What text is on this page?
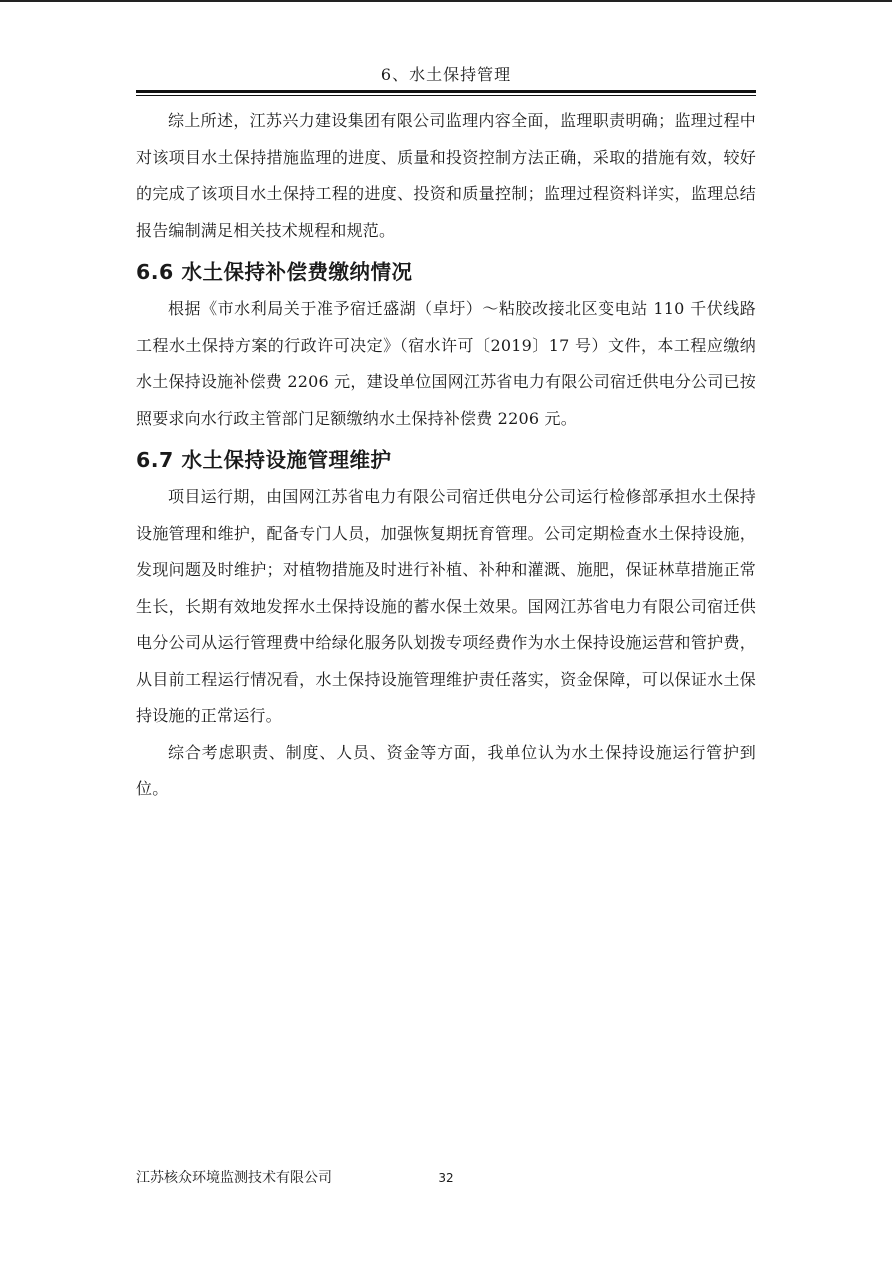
6、水土保持管理

综上所述，江苏兴力建设集团有限公司监理内容全面，监理职责明确；监理过程中对该项目水土保持措施监理的进度、质量和投资控制方法正确，采取的措施有效，较好的完成了该项目水土保持工程的进度、投资和质量控制；监理过程资料详实，监理总结报告编制满足相关技术规程和规范。

6.6 水土保持补偿费缴纳情况

根据《市水利局关于准予宿迁盛湖（卓圩）～粘胶改接北区变电站 110 千伏线路工程水土保持方案的行政许可决定》（宿水许可〔2019〕17 号）文件，本工程应缴纳水土保持设施补偿费 2206 元，建设单位国网江苏省电力有限公司宿迁供电分公司已按照要求向水行政主管部门足额缴纳水土保持补偿费 2206 元。

6.7 水土保持设施管理维护

项目运行期，由国网江苏省电力有限公司宿迁供电分公司运行检修部承担水土保持设施管理和维护，配备专门人员，加强恢复期抚育管理。公司定期检查水土保持设施，发现问题及时维护；对植物措施及时进行补植、补种和灌溉、施肥，保证林草措施正常生长，长期有效地发挥水土保持设施的蓄水保土效果。国网江苏省电力有限公司宿迁供电分公司从运行管理费中给绿化服务队划拨专项经费作为水土保持设施运营和管护费，从目前工程运行情况看，水土保持设施管理维护责任落实，资金保障，可以保证水土保持设施的正常运行。

综合考虑职责、制度、人员、资金等方面，我单位认为水土保持设施运行管护到位。

江苏核众环境监测技术有限公司	32
